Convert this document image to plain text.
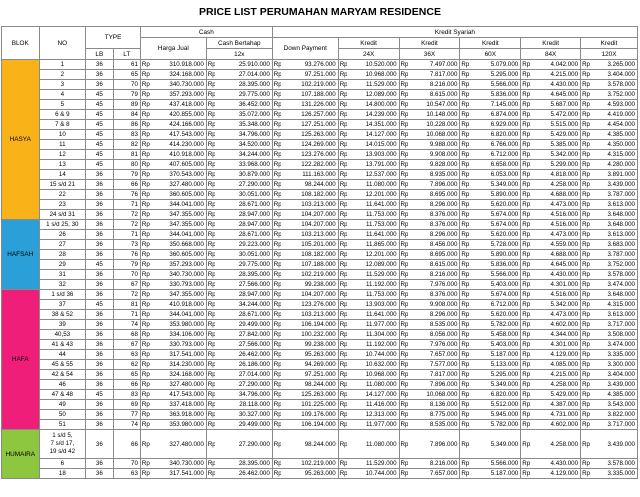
PRICE LIST PERUMAHAN MARYAM RESIDENCE
BLOK	NO	TYPE		Cash				Kredit Syariah											
				Harga Jual		Cash Bertahap		Down Payment		Kredit		Kredit		Kredit		Kredit		Kredit	
		LB	LT			12x				24X		36X		60X		84X		120X	
HASYA	1	36	61	Rp	310.918.000	Rp	25.910.000	Rp	93.276.000	Rp	10.520.000	Rp	7.497.000	Rp	5.079.000	Rp	4.042.000	Rp	3.265.000
	2	36	65	Rp	324.168.000	Rp	27.014.000	Rp	97.251.000	Rp	10.968.000	Rp	7.817.000	Rp	5.295.000	Rp	4.215.000	Rp	3.404.000
	3	36	70	Rp	340.730.000	Rp	28.395.000	Rp	102.219.000	Rp	11.529.000	Rp	8.216.000	Rp	5.566.000	Rp	4.430.000	Rp	3.578.000
	4	45	79	Rp	357.293.000	Rp	29.775.000	Rp	107.188.000	Rp	12.089.000	Rp	8.615.000	Rp	5.836.000	Rp	4.645.000	Rp	3.752.000
	5	45	89	Rp	437.418.000	Rp	36.452.000	Rp	131.226.000	Rp	14.800.000	Rp	10.547.000	Rp	7.145.000	Rp	5.687.000	Rp	4.593.000
	6 & 9	45	84	Rp	420.855.000	Rp	35.072.000	Rp	126.257.000	Rp	14.239.000	Rp	10.148.000	Rp	6.874.000	Rp	5.472.000	Rp	4.419.000
	7 & 8	45	86	Rp	424.166.000	Rp	35.348.000	Rp	127.251.000	Rp	14.351.000	Rp	10.228.000	Rp	6.929.000	Rp	5.515.000	Rp	4.454.000
	10	45	83	Rp	417.543.000	Rp	34.796.000	Rp	125.263.000	Rp	14.127.000	Rp	10.068.000	Rp	6.820.000	Rp	5.429.000	Rp	4.385.000
	11	45	82	Rp	414.230.000	Rp	34.520.000	Rp	124.269.000	Rp	14.015.000	Rp	9.988.000	Rp	6.766.000	Rp	5.385.000	Rp	4.350.000
	12	45	81	Rp	410.918.000	Rp	34.244.000	Rp	123.276.000	Rp	13.903.000	Rp	9.908.000	Rp	6.712.000	Rp	5.342.000	Rp	4.315.000
	13	45	80	Rp	407.605.000	Rp	33.968.000	Rp	122.282.000	Rp	13.791.000	Rp	9.828.000	Rp	6.658.000	Rp	5.299.000	Rp	4.280.000
	14	36	79	Rp	370.543.000	Rp	30.879.000	Rp	111.163.000	Rp	12.537.000	Rp	8.935.000	Rp	6.053.000	Rp	4.818.000	Rp	3.891.000
	15 s/d 21	36	66	Rp	327.480.000	Rp	27.290.000	Rp	98.244.000	Rp	11.080.000	Rp	7.896.000	Rp	5.349.000	Rp	4.258.000	Rp	3.439.000
	22	36	76	Rp	360.605.000	Rp	30.051.000	Rp	108.182.000	Rp	12.201.000	Rp	8.695.000	Rp	5.890.000	Rp	4.688.000	Rp	3.787.000
	23	36	71	Rp	344.041.000	Rp	28.671.000	Rp	103.213.000	Rp	11.641.000	Rp	8.296.000	Rp	5.620.000	Rp	4.473.000	Rp	3.613.000
	24 s/d 31	36	72	Rp	347.355.000	Rp	28.947.000	Rp	104.207.000	Rp	11.753.000	Rp	8.376.000	Rp	5.674.000	Rp	4.516.000	Rp	3.648.000
HAFSAH	1 s/d 25, 30	36	72	Rp	347.355.000	Rp	28.947.000	Rp	104.207.000	Rp	11.753.000	Rp	8.376.000	Rp	5.674.000	Rp	4.516.000	Rp	3.648.000
	26	36	71	Rp	344.041.000	Rp	28.671.000	Rp	103.213.000	Rp	11.641.000	Rp	8.296.000	Rp	5.620.000	Rp	4.473.000	Rp	3.613.000
	27	36	73	Rp	350.668.000	Rp	29.223.000	Rp	105.201.000	Rp	11.865.000	Rp	8.456.000	Rp	5.728.000	Rp	4.559.000	Rp	3.683.000
	28	36	76	Rp	360.605.000	Rp	30.051.000	Rp	108.182.000	Rp	12.201.000	Rp	8.695.000	Rp	5.890.000	Rp	4.688.000	Rp	3.787.000
	29	45	79	Rp	357.293.000	Rp	29.775.000	Rp	107.188.000	Rp	12.089.000	Rp	8.615.000	Rp	5.836.000	Rp	4.645.000	Rp	3.752.000
	31	36	70	Rp	340.730.000	Rp	28.395.000	Rp	102.219.000	Rp	11.529.000	Rp	8.216.000	Rp	5.566.000	Rp	4.430.000	Rp	3.578.000
	32	36	67	Rp	330.793.000	Rp	27.566.000	Rp	99.238.000	Rp	11.192.000	Rp	7.976.000	Rp	5.403.000	Rp	4.301.000	Rp	3.474.000
HAFA	1 s/d 36	36	72	Rp	347.355.000	Rp	28.947.000	Rp	104.207.000	Rp	11.753.000	Rp	8.376.000	Rp	5.674.000	Rp	4.516.000	Rp	3.648.000
	37	45	81	Rp	410.918.000	Rp	34.244.000	Rp	123.276.000	Rp	13.903.000	Rp	9.908.000	Rp	6.712.000	Rp	5.342.000	Rp	4.315.000
	38 & 52	36	71	Rp	344.041.000	Rp	28.671.000	Rp	103.213.000	Rp	11.641.000	Rp	8.296.000	Rp	5.620.000	Rp	4.473.000	Rp	3.613.000
	39	36	74	Rp	353.980.000	Rp	29.499.000	Rp	106.194.000	Rp	11.977.000	Rp	8.535.000	Rp	5.782.000	Rp	4.602.000	Rp	3.717.000
	40,53	36	68	Rp	334.106.000	Rp	27.842.000	Rp	100.232.000	Rp	11.304.000	Rp	8.056.000	Rp	5.458.000	Rp	4.344.000	Rp	3.508.000
	41 & 43	36	67	Rp	330.793.000	Rp	27.566.000	Rp	99.238.000	Rp	11.192.000	Rp	7.976.000	Rp	5.403.000	Rp	4.301.000	Rp	3.474.000
	44	36	63	Rp	317.541.000	Rp	26.462.000	Rp	95.263.000	Rp	10.744.000	Rp	7.657.000	Rp	5.187.000	Rp	4.129.000	Rp	3.335.000
	45 & 55	36	62	Rp	314.230.000	Rp	26.186.000	Rp	94.269.000	Rp	10.632.000	Rp	7.577.000	Rp	5.133.000	Rp	4.085.000	Rp	3.300.000
	42 & 54	36	65	Rp	324.168.000	Rp	27.014.000	Rp	97.251.000	Rp	10.968.000	Rp	7.817.000	Rp	5.295.000	Rp	4.215.000	Rp	3.404.000
	46	36	66	Rp	327.480.000	Rp	27.290.000	Rp	98.244.000	Rp	11.080.000	Rp	7.896.000	Rp	5.349.000	Rp	4.258.000	Rp	3.439.000
	47 & 48	45	83	Rp	417.543.000	Rp	34.796.000	Rp	125.263.000	Rp	14.127.000	Rp	10.068.000	Rp	6.820.000	Rp	5.429.000	Rp	4.385.000
	49	36	69	Rp	337.418.000	Rp	28.118.000	Rp	101.225.000	Rp	11.416.000	Rp	8.136.000	Rp	5.512.000	Rp	4.387.000	Rp	3.543.000
	50	36	77	Rp	363.918.000	Rp	30.327.000	Rp	109.176.000	Rp	12.313.000	Rp	8.775.000	Rp	5.945.000	Rp	4.731.000	Rp	3.822.000
	51	36	74	Rp	353.980.000	Rp	29.499.000	Rp	106.194.000	Rp	11.977.000	Rp	8.535.000	Rp	5.782.000	Rp	4.602.000	Rp	3.717.000
HUMAIRA	1 s/d 5,
7 s/d 17,
19 s/d 42	36	66	Rp	327.480.000	Rp	27.290.000	Rp	98.244.000	Rp	11.080.000	Rp	7.896.000	Rp	5.349.000	Rp	4.258.000	Rp	3.439.000
	6	36	70	Rp	340.730.000	Rp	28.395.000	Rp	102.219.000	Rp	11.529.000	Rp	8.216.000	Rp	5.566.000	Rp	4.430.000	Rp	3.578.000
	18	36	63	Rp	317.541.000	Rp	26.462.000	Rp	95.263.000	Rp	10.744.000	Rp	7.657.000	Rp	5.187.000	Rp	4.129.000	Rp	3.335.000
